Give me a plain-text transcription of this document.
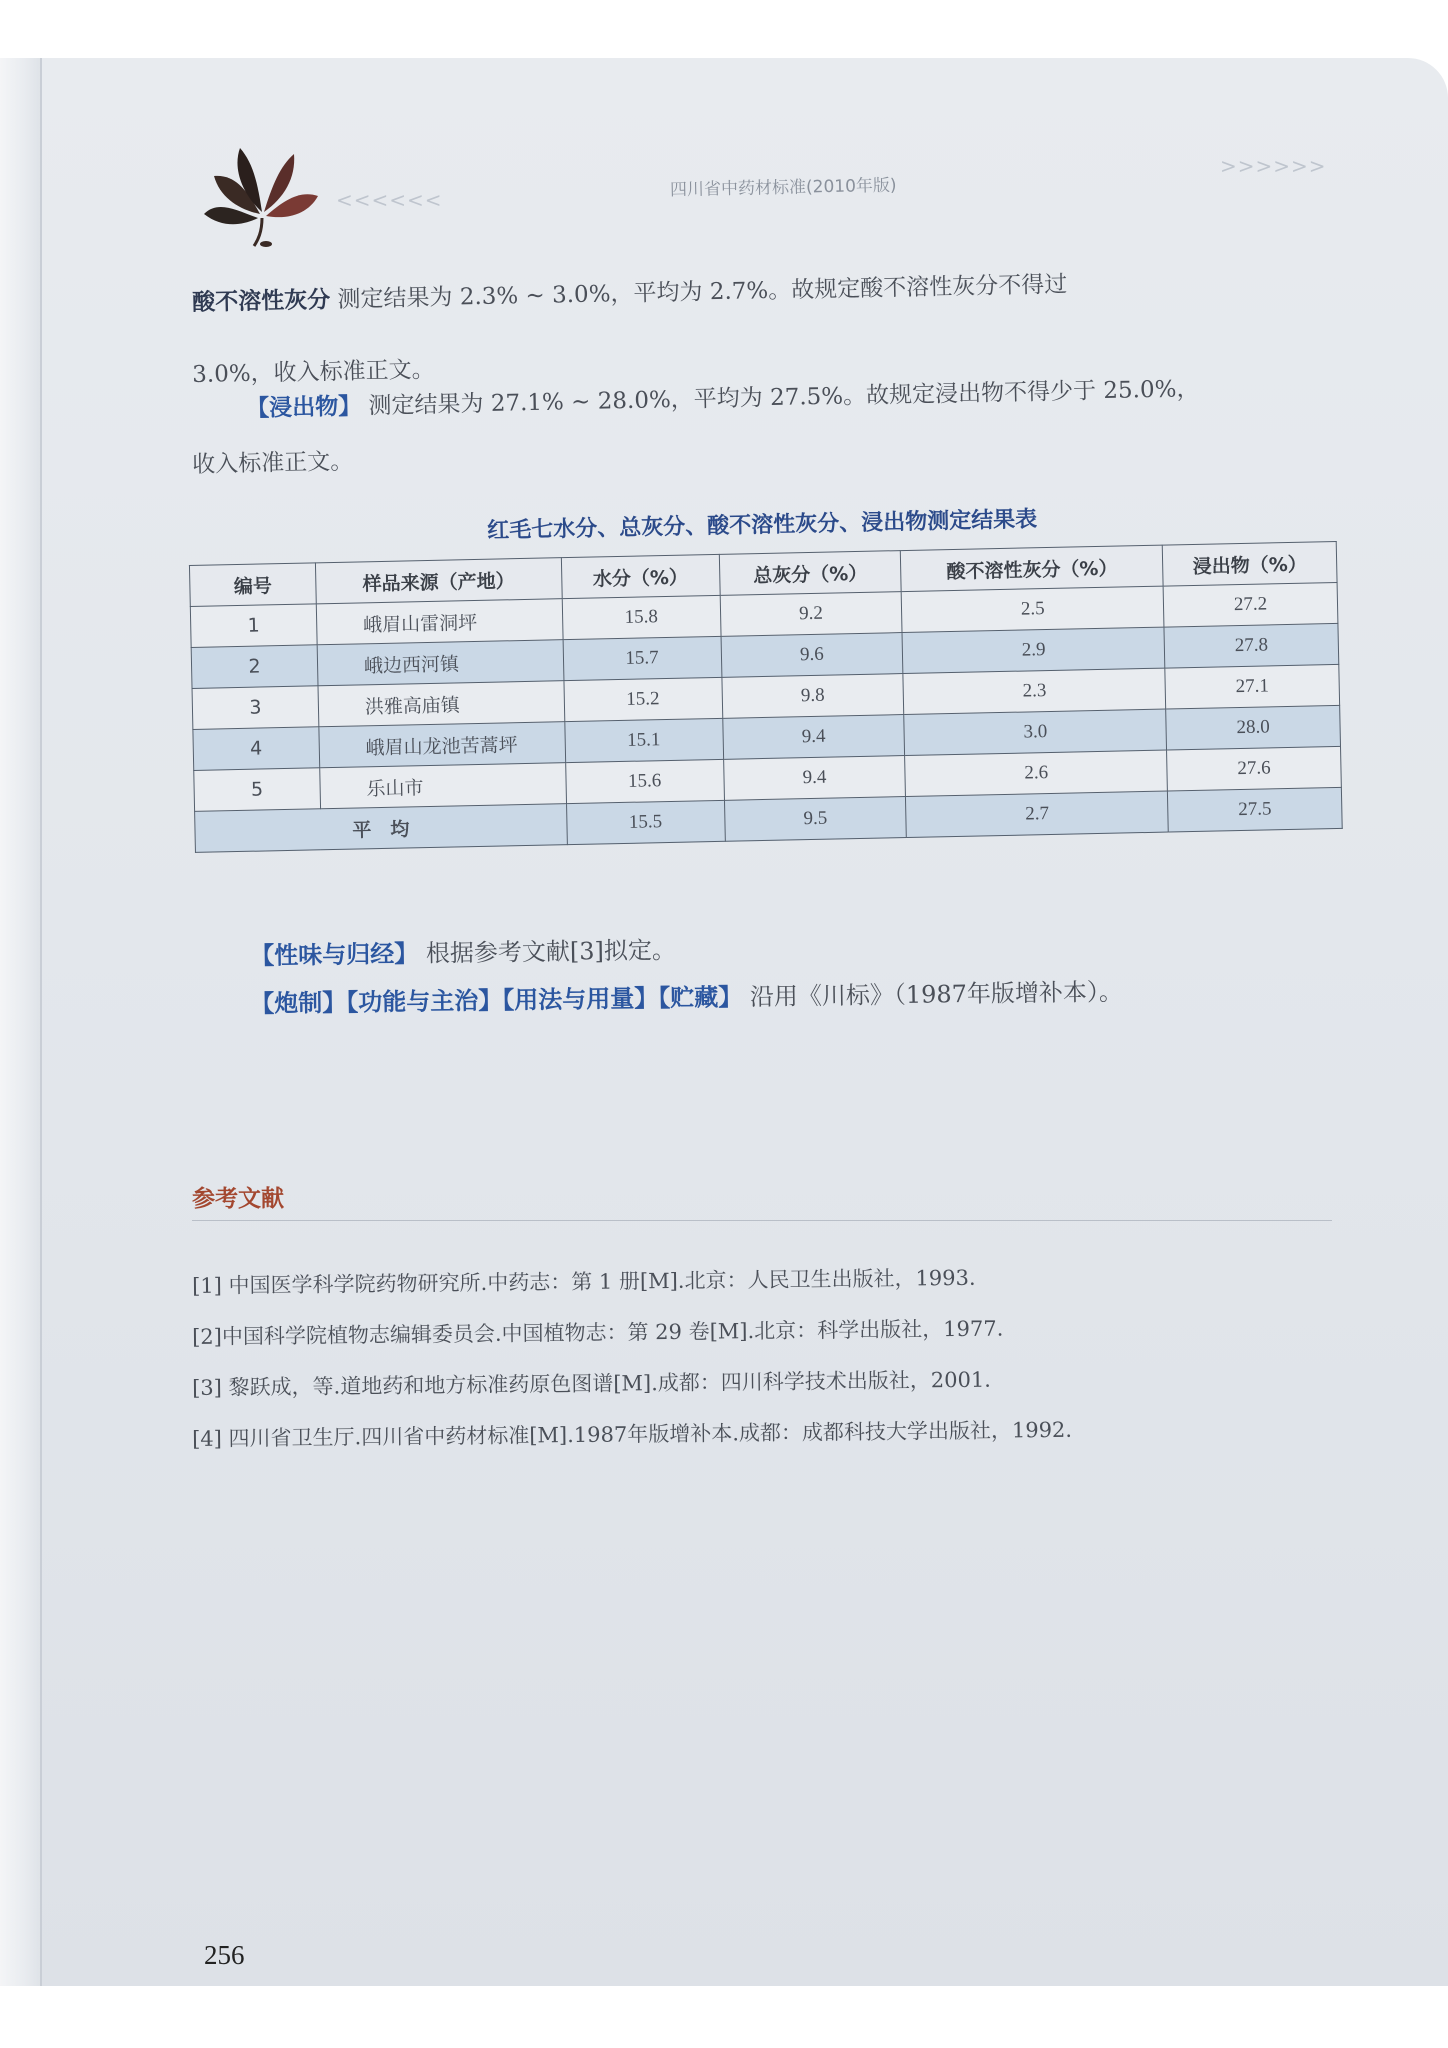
<<<<<<
>>>>>>
四川省中药材标准(2010年版)
酸不溶性灰分 测定结果为 2.3% ~ 3.0%，平均为 2.7%。故规定酸不溶性灰分不得过
3.0%，收入标准正文。
【浸出物】 测定结果为 27.1% ~ 28.0%，平均为 27.5%。故规定浸出物不得少于 25.0%，
收入标准正文。
红毛七水分、总灰分、酸不溶性灰分、浸出物测定结果表
编号	样品来源（产地）	水分（%）	总灰分（%）	酸不溶性灰分（%）	浸出物（%）
1	峨眉山雷洞坪	15.8	9.2	2.5	27.2
2	峨边西河镇	15.7	9.6	2.9	27.8
3	洪雅高庙镇	15.2	9.8	2.3	27.1
4	峨眉山龙池苦蒿坪	15.1	9.4	3.0	28.0
5	乐山市	15.6	9.4	2.6	27.6
平　均		15.5	9.5	2.7	27.5
【性味与归经】 根据参考文献[3]拟定。
【炮制】【功能与主治】【用法与用量】【贮藏】 沿用《川标》（1987年版增补本）。
参考文献
[1] 中国医学科学院药物研究所.中药志：第 1 册[M].北京：人民卫生出版社，1993.
[2]中国科学院植物志编辑委员会.中国植物志：第 29 卷[M].北京：科学出版社，1977.
[3] 黎跃成，等.道地药和地方标准药原色图谱[M].成都：四川科学技术出版社，2001.
[4] 四川省卫生厅.四川省中药材标准[M].1987年版增补本.成都：成都科技大学出版社，1992.
256
